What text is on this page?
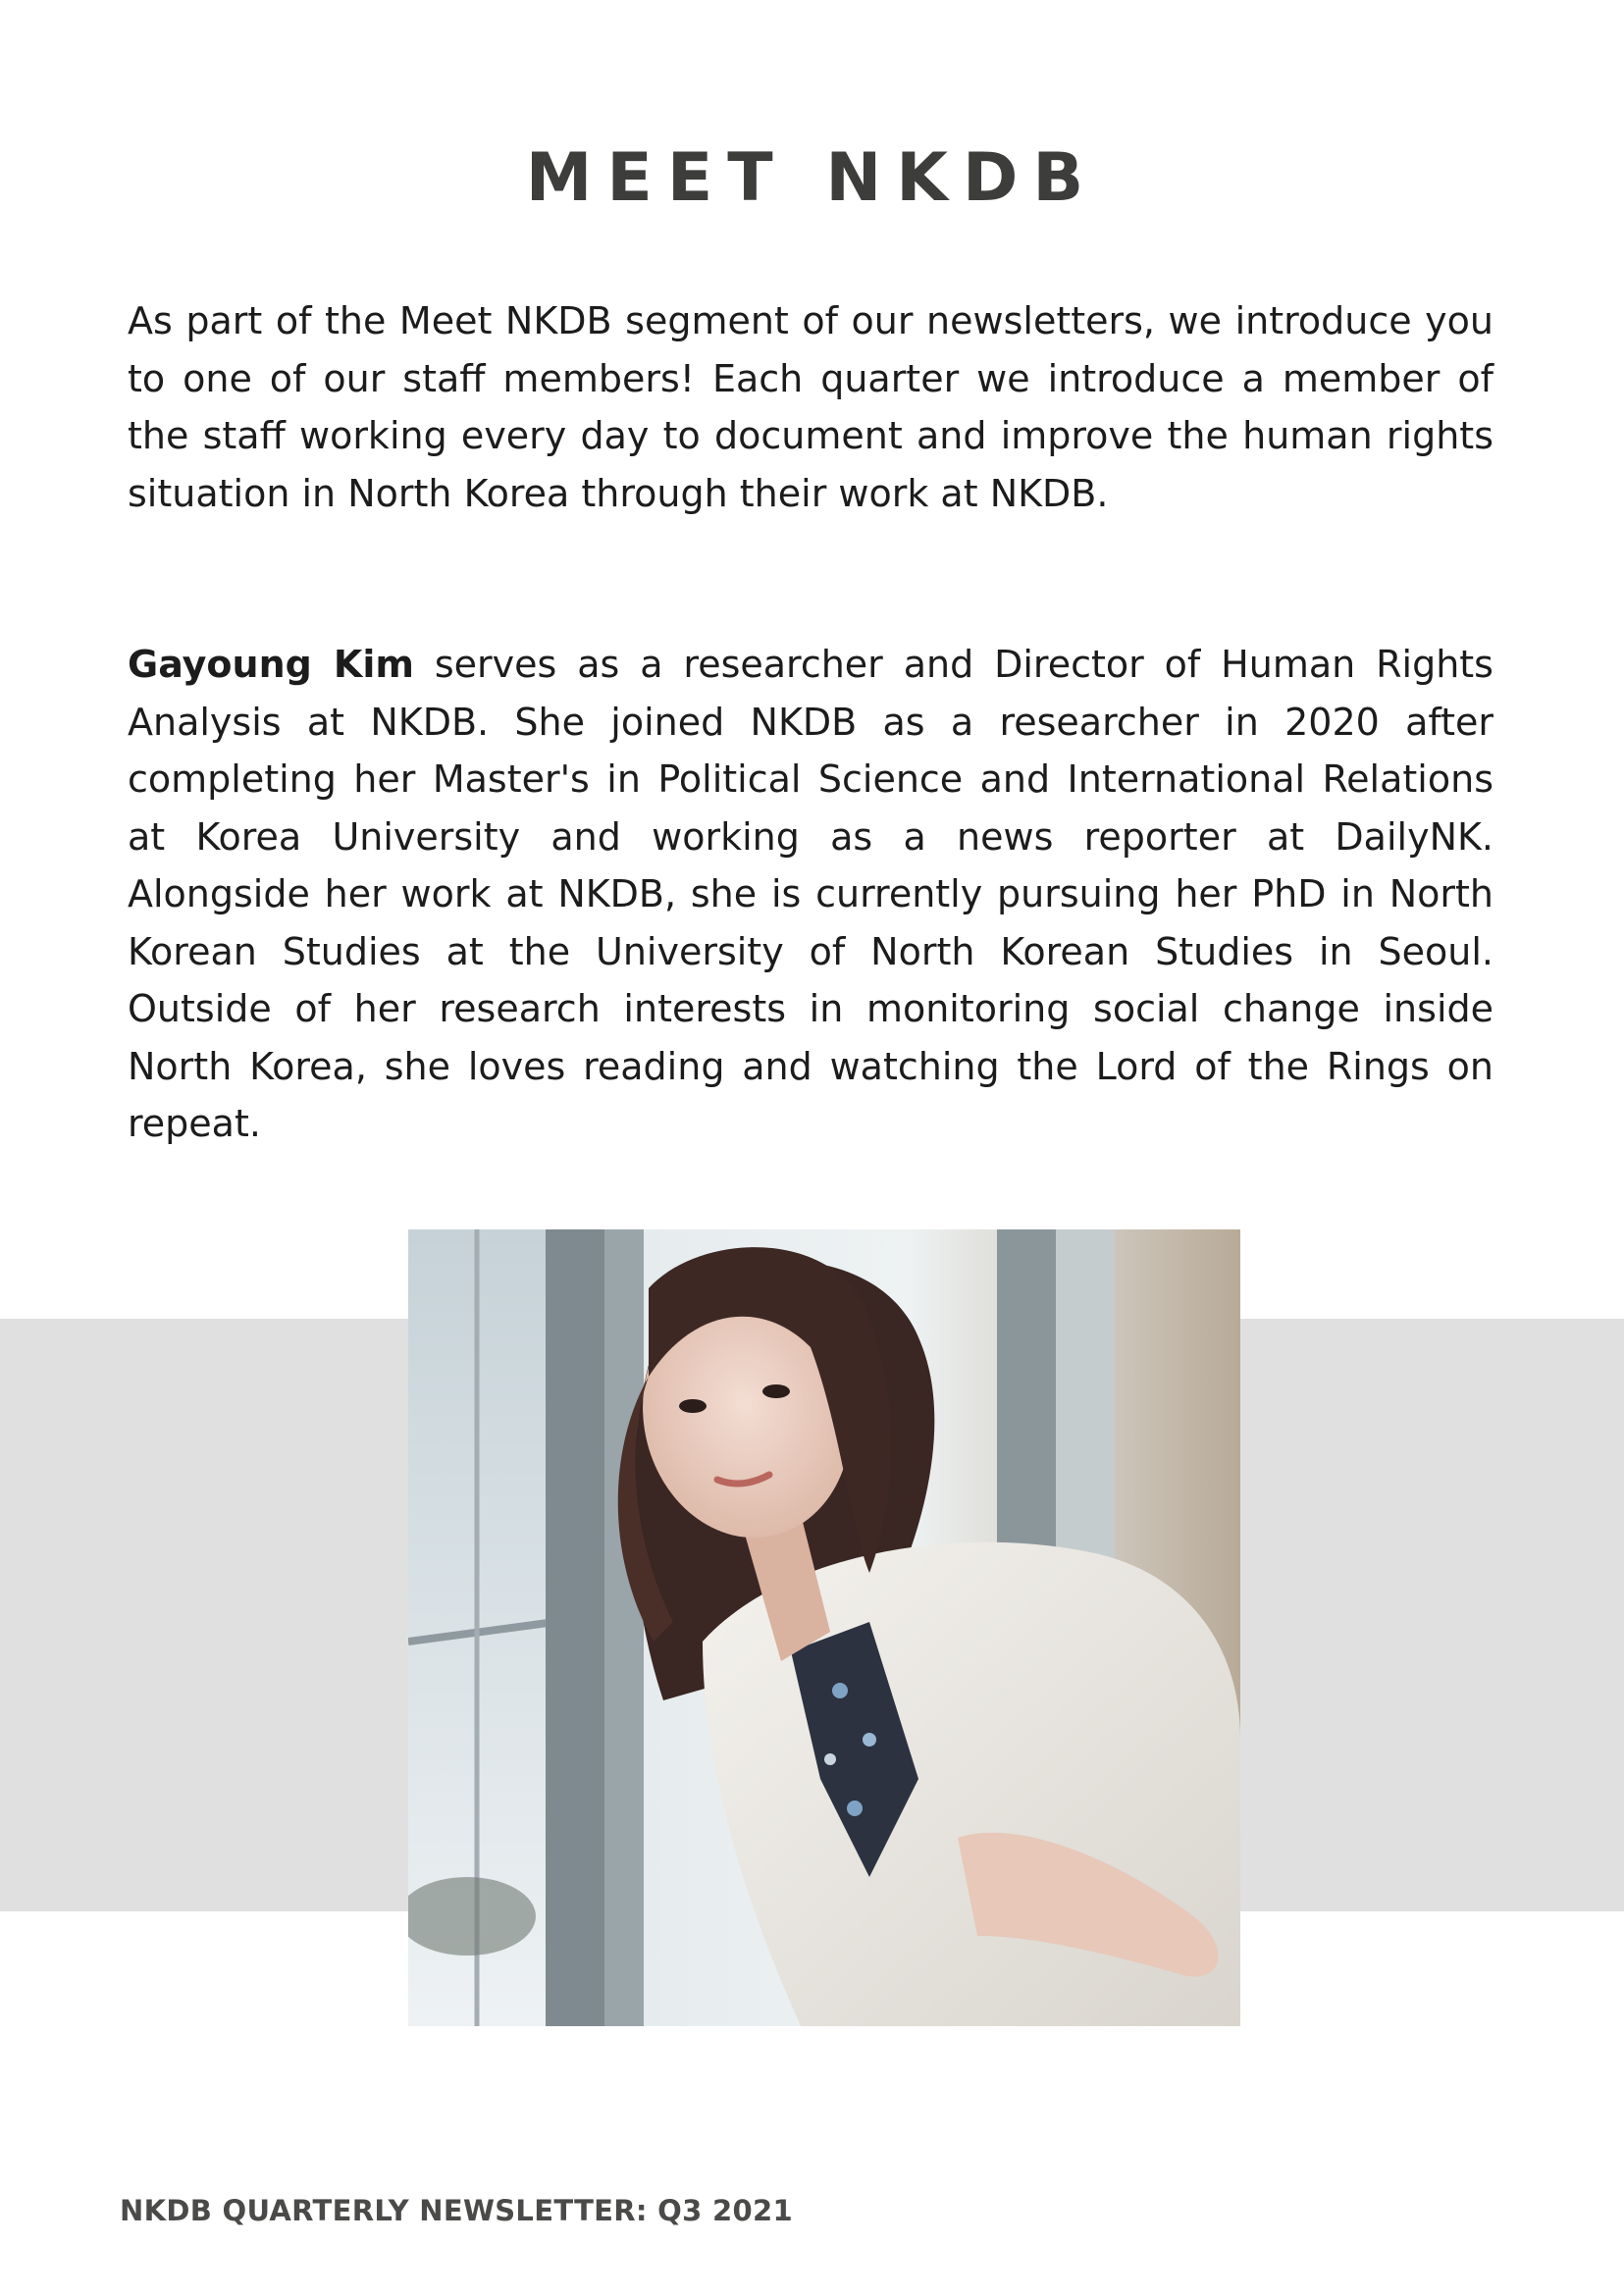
MEET NKDB

As part of the Meet NKDB segment of our newsletters, we introduce you to one of our staff members! Each quarter we introduce a member of the staff working every day to document and improve the human rights situation in North Korea through their work at NKDB.

Gayoung Kim serves as a researcher and Director of Human Rights Analysis at NKDB. She joined NKDB as a researcher in 2020 after completing her Master's in Political Science and International Relations at Korea University and working as a news reporter at DailyNK. Alongside her work at NKDB, she is currently pursuing her PhD in North Korean Studies at the University of North Korean Studies in Seoul. Outside of her research interests in monitoring social change inside North Korea, she loves reading and watching the Lord of the Rings on repeat.

NKDB QUARTERLY NEWSLETTER: Q3 2021
